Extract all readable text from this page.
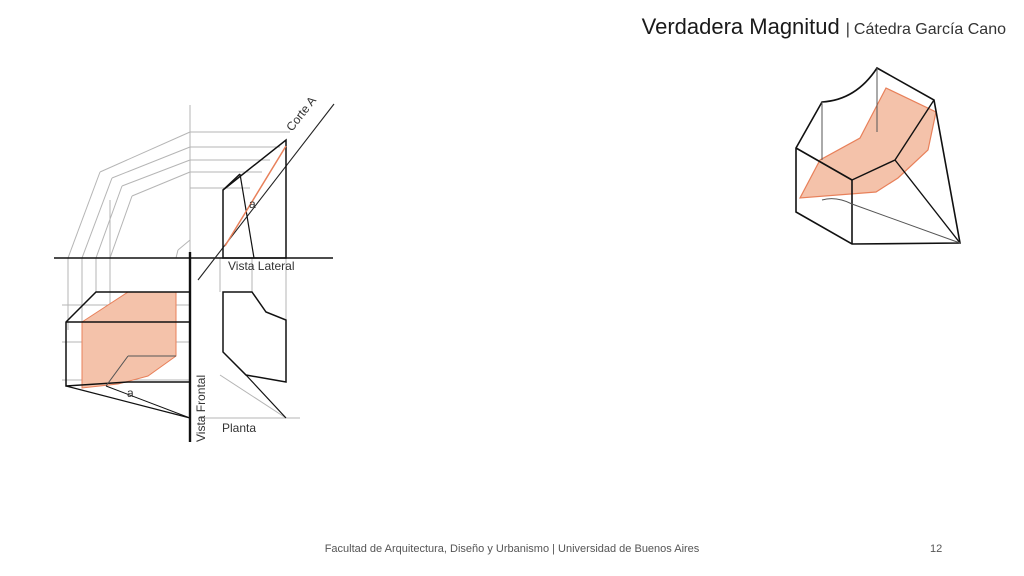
Verdadera Magnitud | Cátedra García Cano
Corte A
Vista Lateral
Vista Frontal Planta
a
a
Facultad de Arquitectura, Diseño y Urbanismo | Universidad de Buenos Aires	12
